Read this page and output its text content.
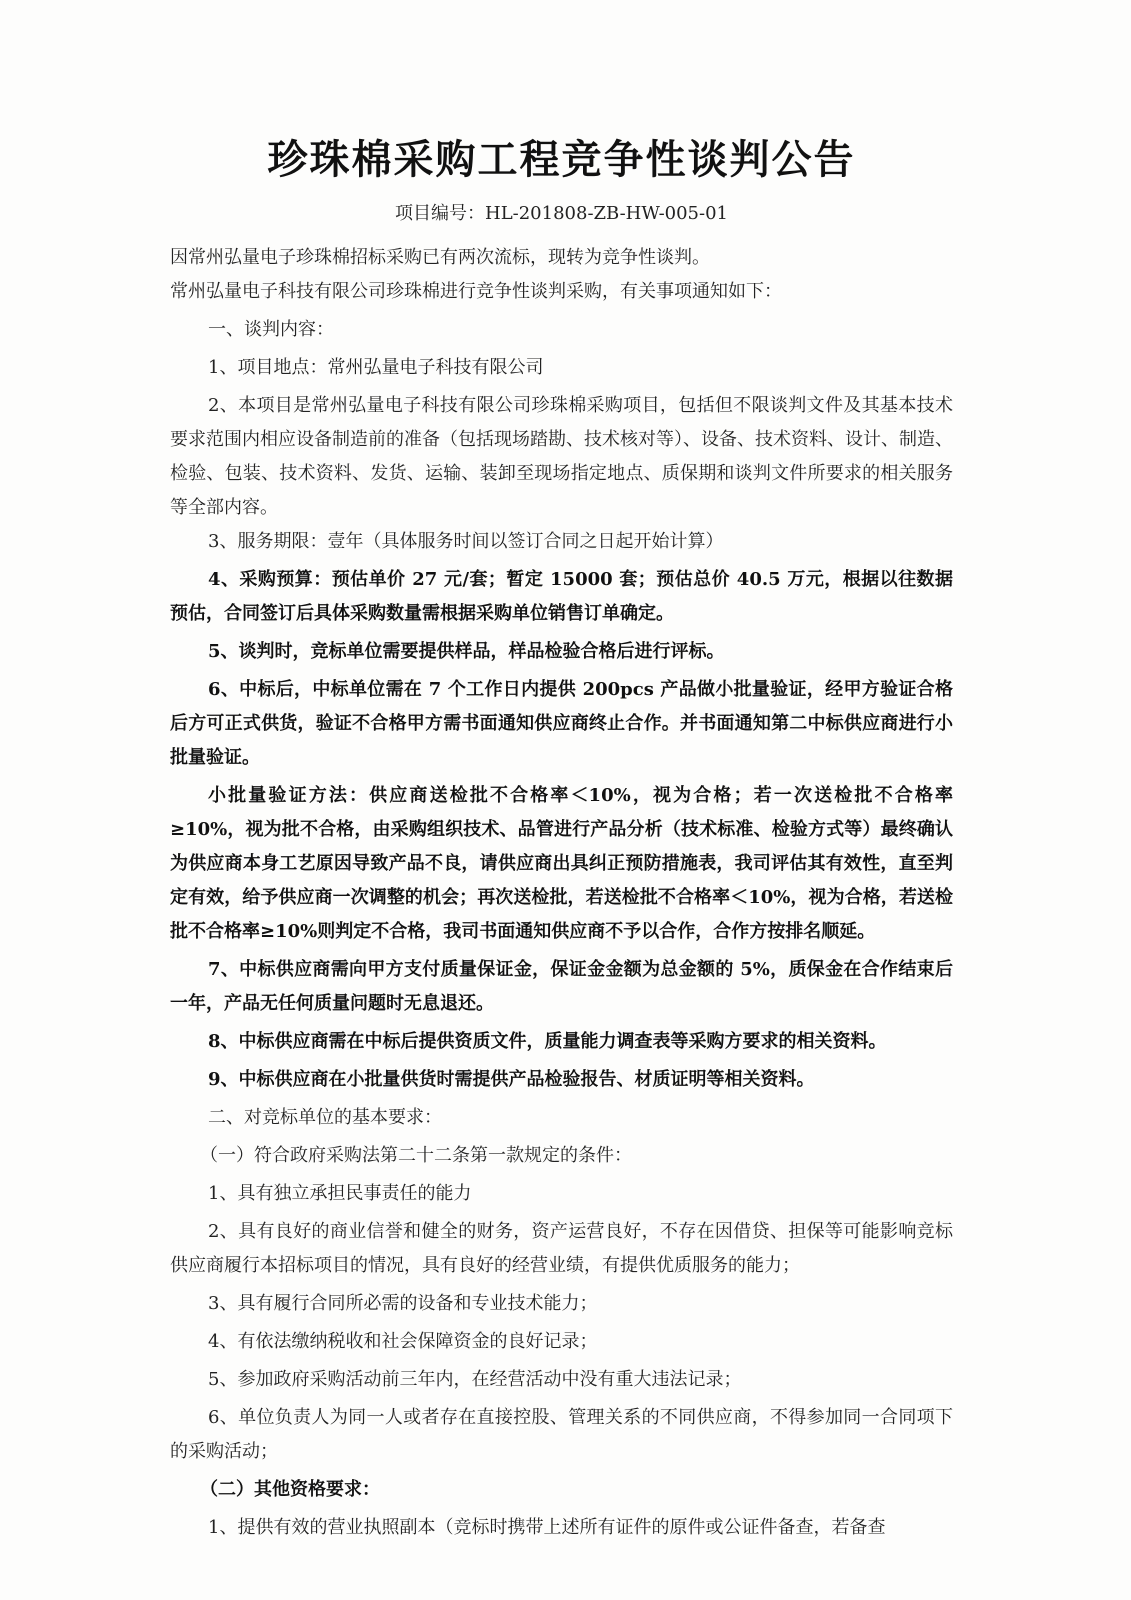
珍珠棉采购工程竞争性谈判公告
项目编号：HL-201808-ZB-HW-005-01

因常州弘量电子珍珠棉招标采购已有两次流标，现转为竞争性谈判。

常州弘量电子科技有限公司珍珠棉进行竞争性谈判采购，有关事项通知如下：

一、谈判内容：

1、项目地点：常州弘量电子科技有限公司

2、本项目是常州弘量电子科技有限公司珍珠棉采购项目，包括但不限谈判文件及其基本技术要求范围内相应设备制造前的准备（包括现场踏勘、技术核对等）、设备、技术资料、设计、制造、检验、包装、技术资料、发货、运输、装卸至现场指定地点、质保期和谈判文件所要求的相关服务等全部内容。

3、服务期限：壹年（具体服务时间以签订合同之日起开始计算）

4、采购预算：预估单价 27 元/套；暂定 15000 套；预估总价 40.5 万元，根据以往数据预估，合同签订后具体采购数量需根据采购单位销售订单确定。

5、谈判时，竞标单位需要提供样品，样品检验合格后进行评标。

6、中标后，中标单位需在 7 个工作日内提供 200pcs 产品做小批量验证，经甲方验证合格后方可正式供货，验证不合格甲方需书面通知供应商终止合作。并书面通知第二中标供应商进行小批量验证。

小批量验证方法：供应商送检批不合格率＜10%，视为合格；若一次送检批不合格率≥10%，视为批不合格，由采购组织技术、品管进行产品分析（技术标准、检验方式等）最终确认为供应商本身工艺原因导致产品不良，请供应商出具纠正预防措施表，我司评估其有效性，直至判定有效，给予供应商一次调整的机会；再次送检批，若送检批不合格率＜10%，视为合格，若送检批不合格率≥10%则判定不合格，我司书面通知供应商不予以合作，合作方按排名顺延。

7、中标供应商需向甲方支付质量保证金，保证金金额为总金额的 5%，质保金在合作结束后一年，产品无任何质量问题时无息退还。

8、中标供应商需在中标后提供资质文件，质量能力调查表等采购方要求的相关资料。

9、中标供应商在小批量供货时需提供产品检验报告、材质证明等相关资料。

二、对竞标单位的基本要求：

（一）符合政府采购法第二十二条第一款规定的条件：

1、具有独立承担民事责任的能力

2、具有良好的商业信誉和健全的财务，资产运营良好，不存在因借贷、担保等可能影响竞标供应商履行本招标项目的情况，具有良好的经营业绩，有提供优质服务的能力；

3、具有履行合同所必需的设备和专业技术能力；

4、有依法缴纳税收和社会保障资金的良好记录；

5、参加政府采购活动前三年内，在经营活动中没有重大违法记录；

6、单位负责人为同一人或者存在直接控股、管理关系的不同供应商，不得参加同一合同项下的采购活动；

（二）其他资格要求：

1、提供有效的营业执照副本（竞标时携带上述所有证件的原件或公证件备查，若备查
